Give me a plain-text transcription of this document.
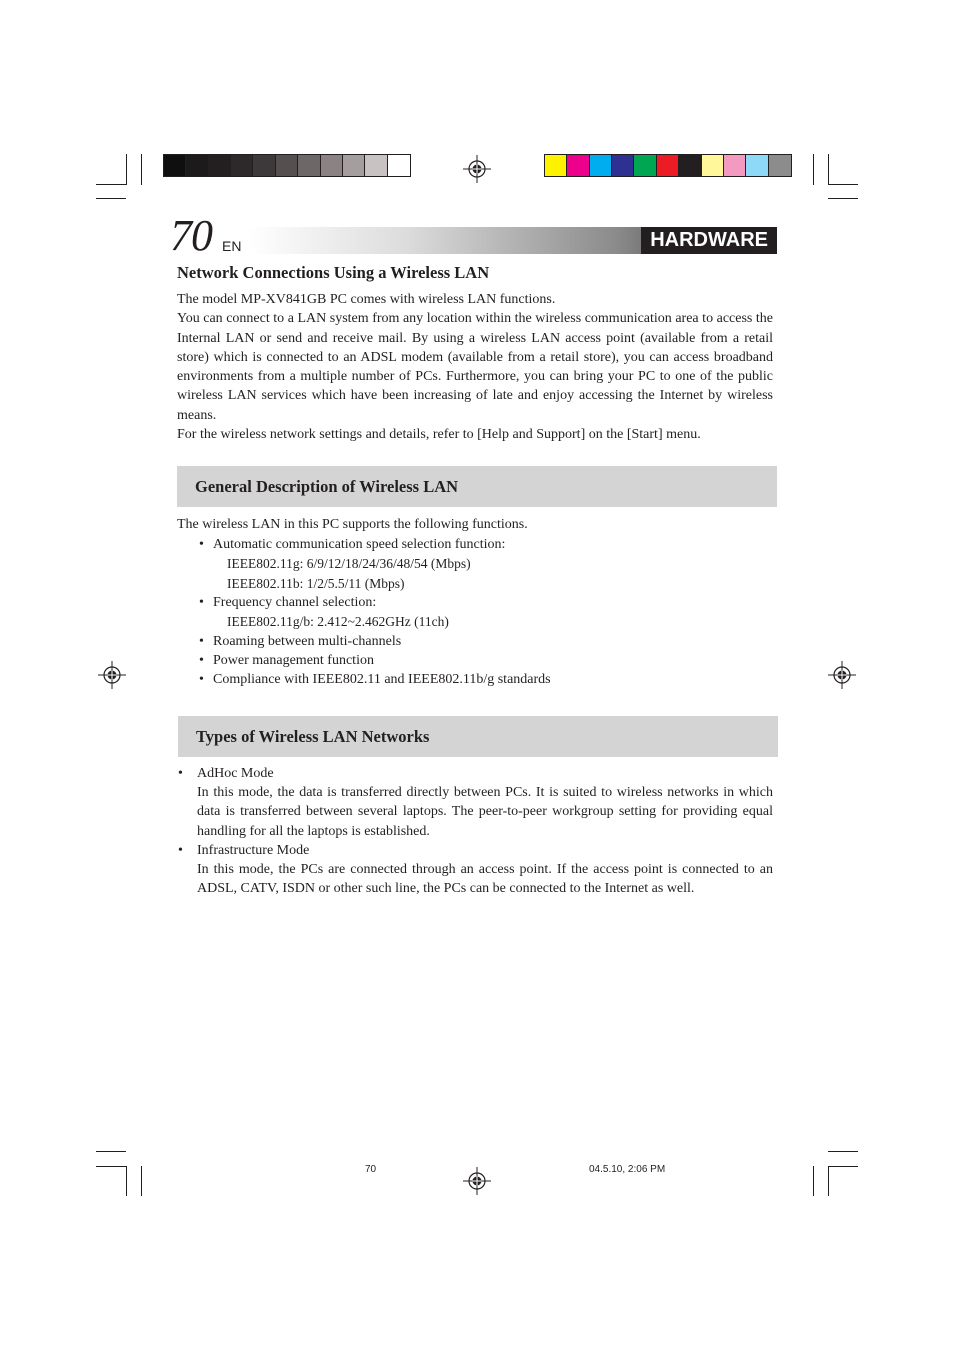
70 EN	HARDWARE
Network Connections Using a Wireless LAN

The model MP-XV841GB PC comes with wireless LAN functions.

You can connect to a LAN system from any location within the wireless communication area to access the Internal LAN or send and receive mail. By using a wireless LAN access point (available from a retail store) which is connected to an ADSL modem (available from a retail store), you can access broadband environments from a multiple number of PCs. Furthermore, you can bring your PC to one of the public wireless LAN services which have been increasing of late and enjoy accessing the Internet by wireless means.

For the wireless network settings and details, refer to [Help and Support] on the [Start] menu.

General Description of Wireless LAN
The wireless LAN in this PC supports the following functions.
• Automatic communication speed selection function:
IEEE802.11g: 6/9/12/18/24/36/48/54 (Mbps)
IEEE802.11b: 1/2/5.5/11 (Mbps)
• Frequency channel selection:
IEEE802.11g/b: 2.412~2.462GHz (11ch)
• Roaming between multi-channels
• Power management function
• Compliance with IEEE802.11 and IEEE802.11b/g standards
Types of Wireless LAN Networks
• AdHoc Mode
In this mode, the data is transferred directly between PCs. It is suited to wireless networks in which data is transferred between several laptops. The peer-to-peer workgroup setting for providing equal handling for all the laptops is established.
• Infrastructure Mode
In this mode, the PCs are connected through an access point. If the access point is connected to an ADSL, CATV, ISDN or other such line, the PCs can be connected to the Internet as well.
70	04.5.10, 2:06 PM
